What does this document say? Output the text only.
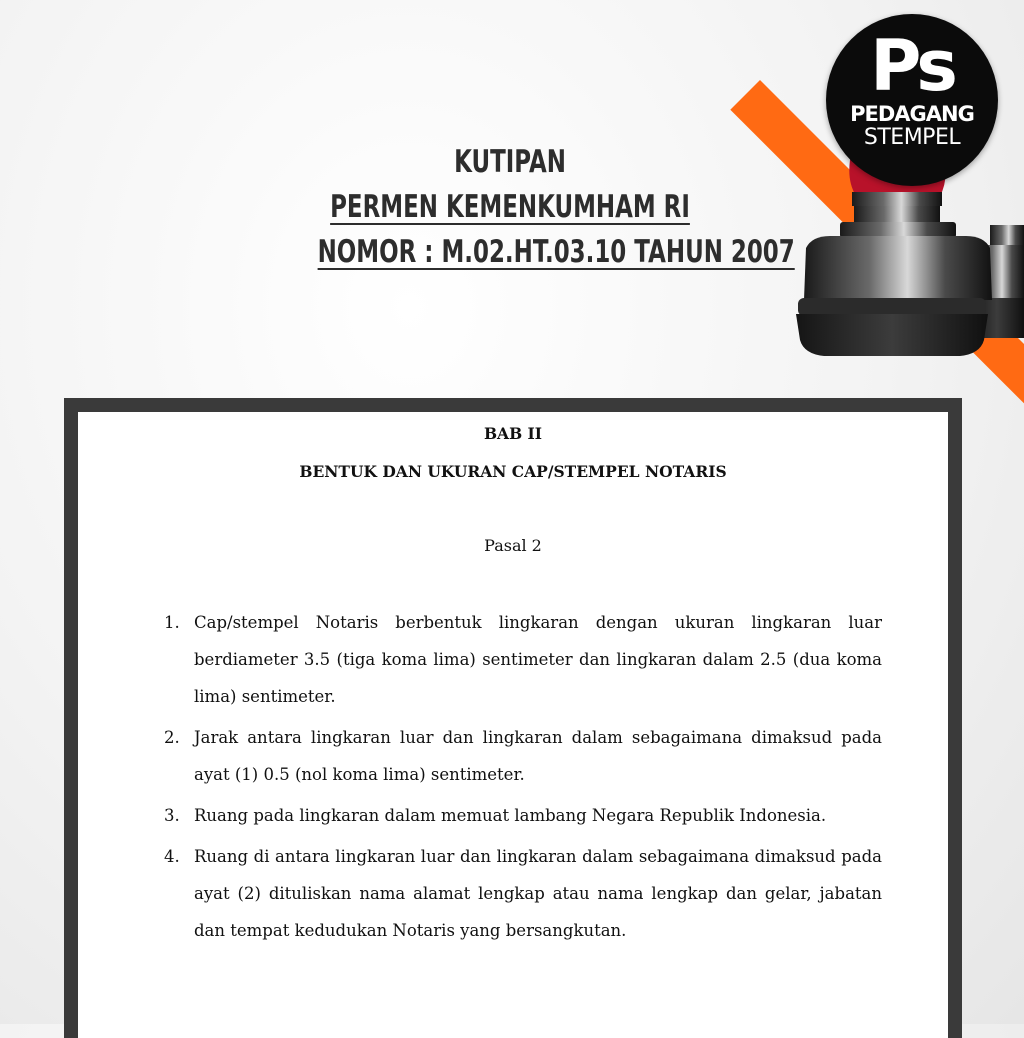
Ps
PEDAGANG
STEMPEL
KUTIPAN
PERMEN KEMENKUMHAM RI
NOMOR : M.02.HT.03.10 TAHUN 2007
BAB II
BENTUK DAN UKURAN CAP/STEMPEL NOTARIS
Pasal 2
1. Cap/stempel Notaris berbentuk lingkaran dengan ukuran lingkaran luar berdiameter 3.5 (tiga koma lima) sentimeter dan lingkaran dalam 2.5 (dua koma lima) sentimeter.
2. Jarak antara lingkaran luar dan lingkaran dalam sebagaimana dimaksud pada ayat (1) 0.5 (nol koma lima) sentimeter.
3. Ruang pada lingkaran dalam memuat lambang Negara Republik Indonesia.
4. Ruang di antara lingkaran luar dan lingkaran dalam sebagaimana dimaksud pada ayat (2) dituliskan nama alamat lengkap atau nama lengkap dan gelar, jabatan dan tempat kedudukan Notaris yang bersangkutan.
